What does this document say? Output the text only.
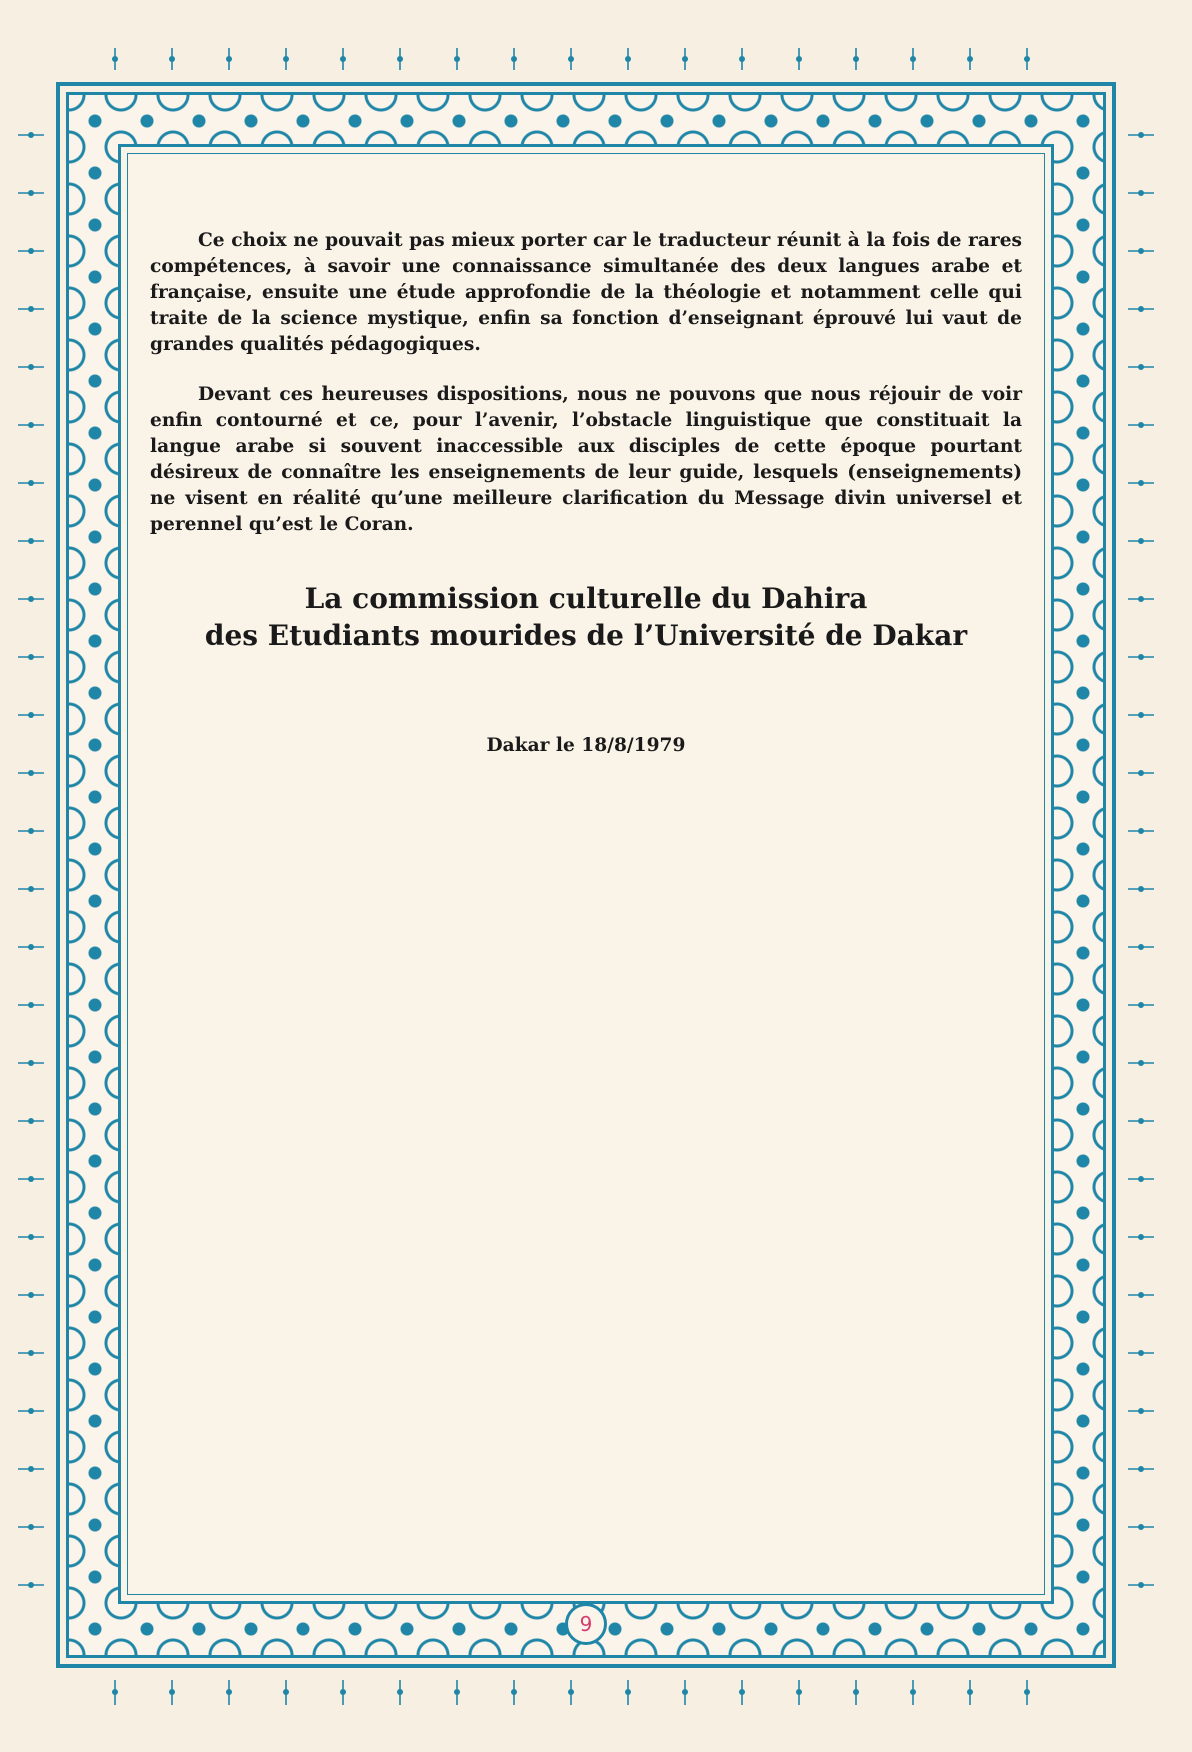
Ce choix ne pouvait pas mieux porter car le traducteur réunit à la fois de rares compétences, à savoir une connaissance simultanée des deux langues arabe et française, ensuite une étude approfondie de la théologie et notamment celle qui traite de la science mystique, enfin sa fonction d’enseignant éprouvé lui vaut de grandes qualités pédagogiques.

Devant ces heureuses dispositions, nous ne pouvons que nous réjouir de voir enfin contourné et ce, pour l’avenir, l’obstacle linguistique que constituait la langue arabe si souvent inaccessible aux disciples de cette époque pourtant désireux de connaître les enseignements de leur guide, lesquels (enseignements) ne visent en réalité qu’une meilleure clarification du Message divin universel et perennel qu’est le Coran.

La commission culturelle du Dahira
des Etudiants mourides de l’Université de Dakar
Dakar le 18/8/1979
9
